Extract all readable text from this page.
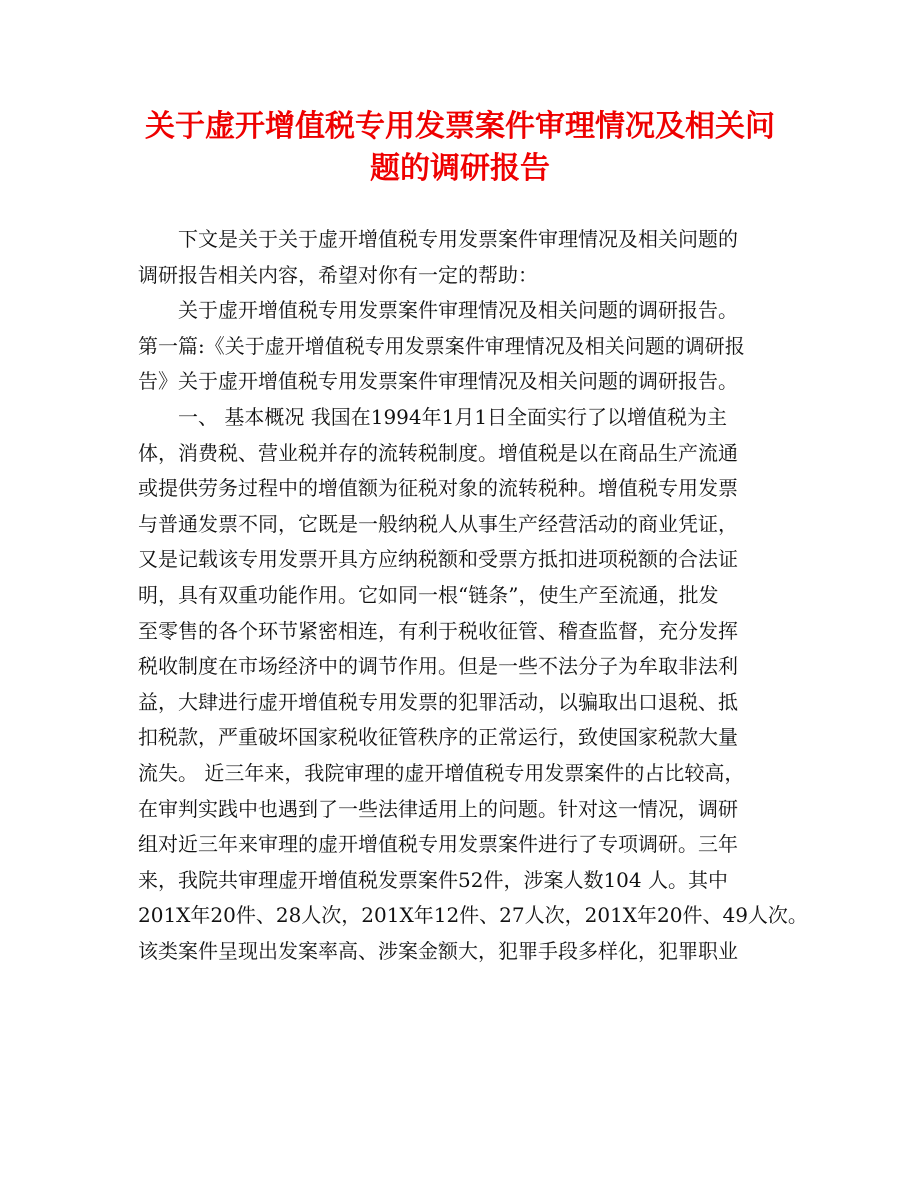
关于虚开增值税专用发票案件审理情况及相关问
题的调研报告
下文是关于关于虚开增值税专用发票案件审理情况及相关问题的
调研报告相关内容，希望对你有一定的帮助：
关于虚开增值税专用发票案件审理情况及相关问题的调研报告。
第一篇:《关于虚开增值税专用发票案件审理情况及相关问题的调研报
告》关于虚开增值税专用发票案件审理情况及相关问题的调研报告。
一、 基本概况 我国在1994年1月1日全面实行了以增值税为主
体，消费税、营业税并存的流转税制度。增值税是以在商品生产流通
或提供劳务过程中的增值额为征税对象的流转税种。增值税专用发票
与普通发票不同，它既是一般纳税人从事生产经营活动的商业凭证，
又是记载该专用发票开具方应纳税额和受票方抵扣进项税额的合法证
明，具有双重功能作用。它如同一根“链条”，使生产至流通，批发
至零售的各个环节紧密相连，有利于税收征管、稽查监督，充分发挥
税收制度在市场经济中的调节作用。但是一些不法分子为牟取非法利
益，大肆进行虚开增值税专用发票的犯罪活动，以骗取出口退税、抵
扣税款，严重破坏国家税收征管秩序的正常运行，致使国家税款大量
流失。 近三年来，我院审理的虚开增值税专用发票案件的占比较高，
在审判实践中也遇到了一些法律适用上的问题。针对这一情况，调研
组对近三年来审理的虚开增值税专用发票案件进行了专项调研。三年
来，我院共审理虚开增值税发票案件52件，涉案人数104 人。其中
201X年20件、28人次，201X年12件、27人次，201X年20件、49人次。
该类案件呈现出发案率高、涉案金额大，犯罪手段多样化，犯罪职业
